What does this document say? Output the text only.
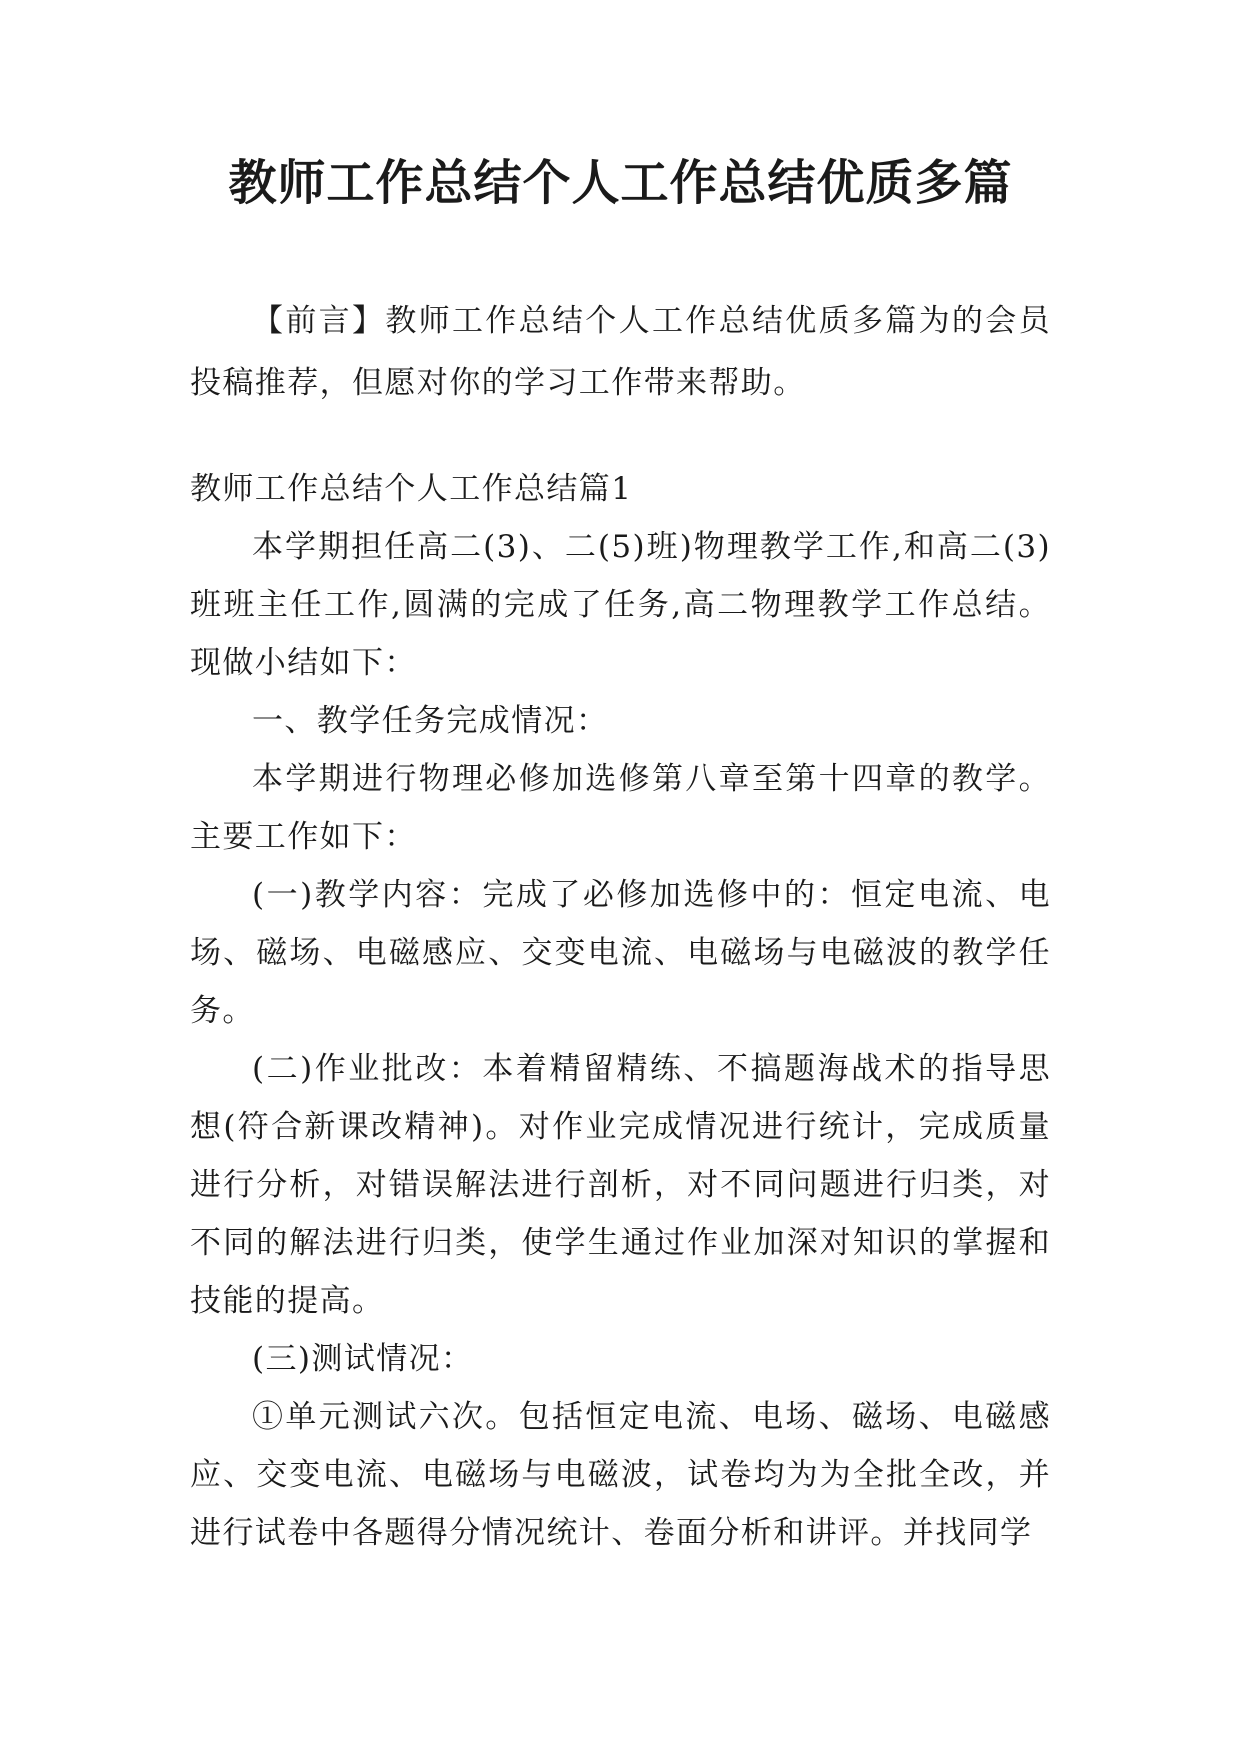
教师工作总结个人工作总结优质多篇

【前言】教师工作总结个人工作总结优质多篇为的会员投稿推荐，但愿对你的学习工作带来帮助。

教师工作总结个人工作总结篇1

本学期担任高二(3)、二(5)班)物理教学工作,和高二(3)班班主任工作,圆满的完成了任务,高二物理教学工作总结。现做小结如下：

一、教学任务完成情况：

本学期进行物理必修加选修第八章至第十四章的教学。主要工作如下：

(一)教学内容：完成了必修加选修中的：恒定电流、电场、磁场、电磁感应、交变电流、电磁场与电磁波的教学任务。

(二)作业批改：本着精留精练、不搞题海战术的指导思想(符合新课改精神)。对作业完成情况进行统计，完成质量进行分析，对错误解法进行剖析，对不同问题进行归类，对不同的解法进行归类，使学生通过作业加深对知识的掌握和技能的提高。

(三)测试情况：

①单元测试六次。包括恒定电流、电场、磁场、电磁感应、交变电流、电磁场与电磁波，试卷均为为全批全改，并进行试卷中各题得分情况统计、卷面分析和讲评。并找同学
